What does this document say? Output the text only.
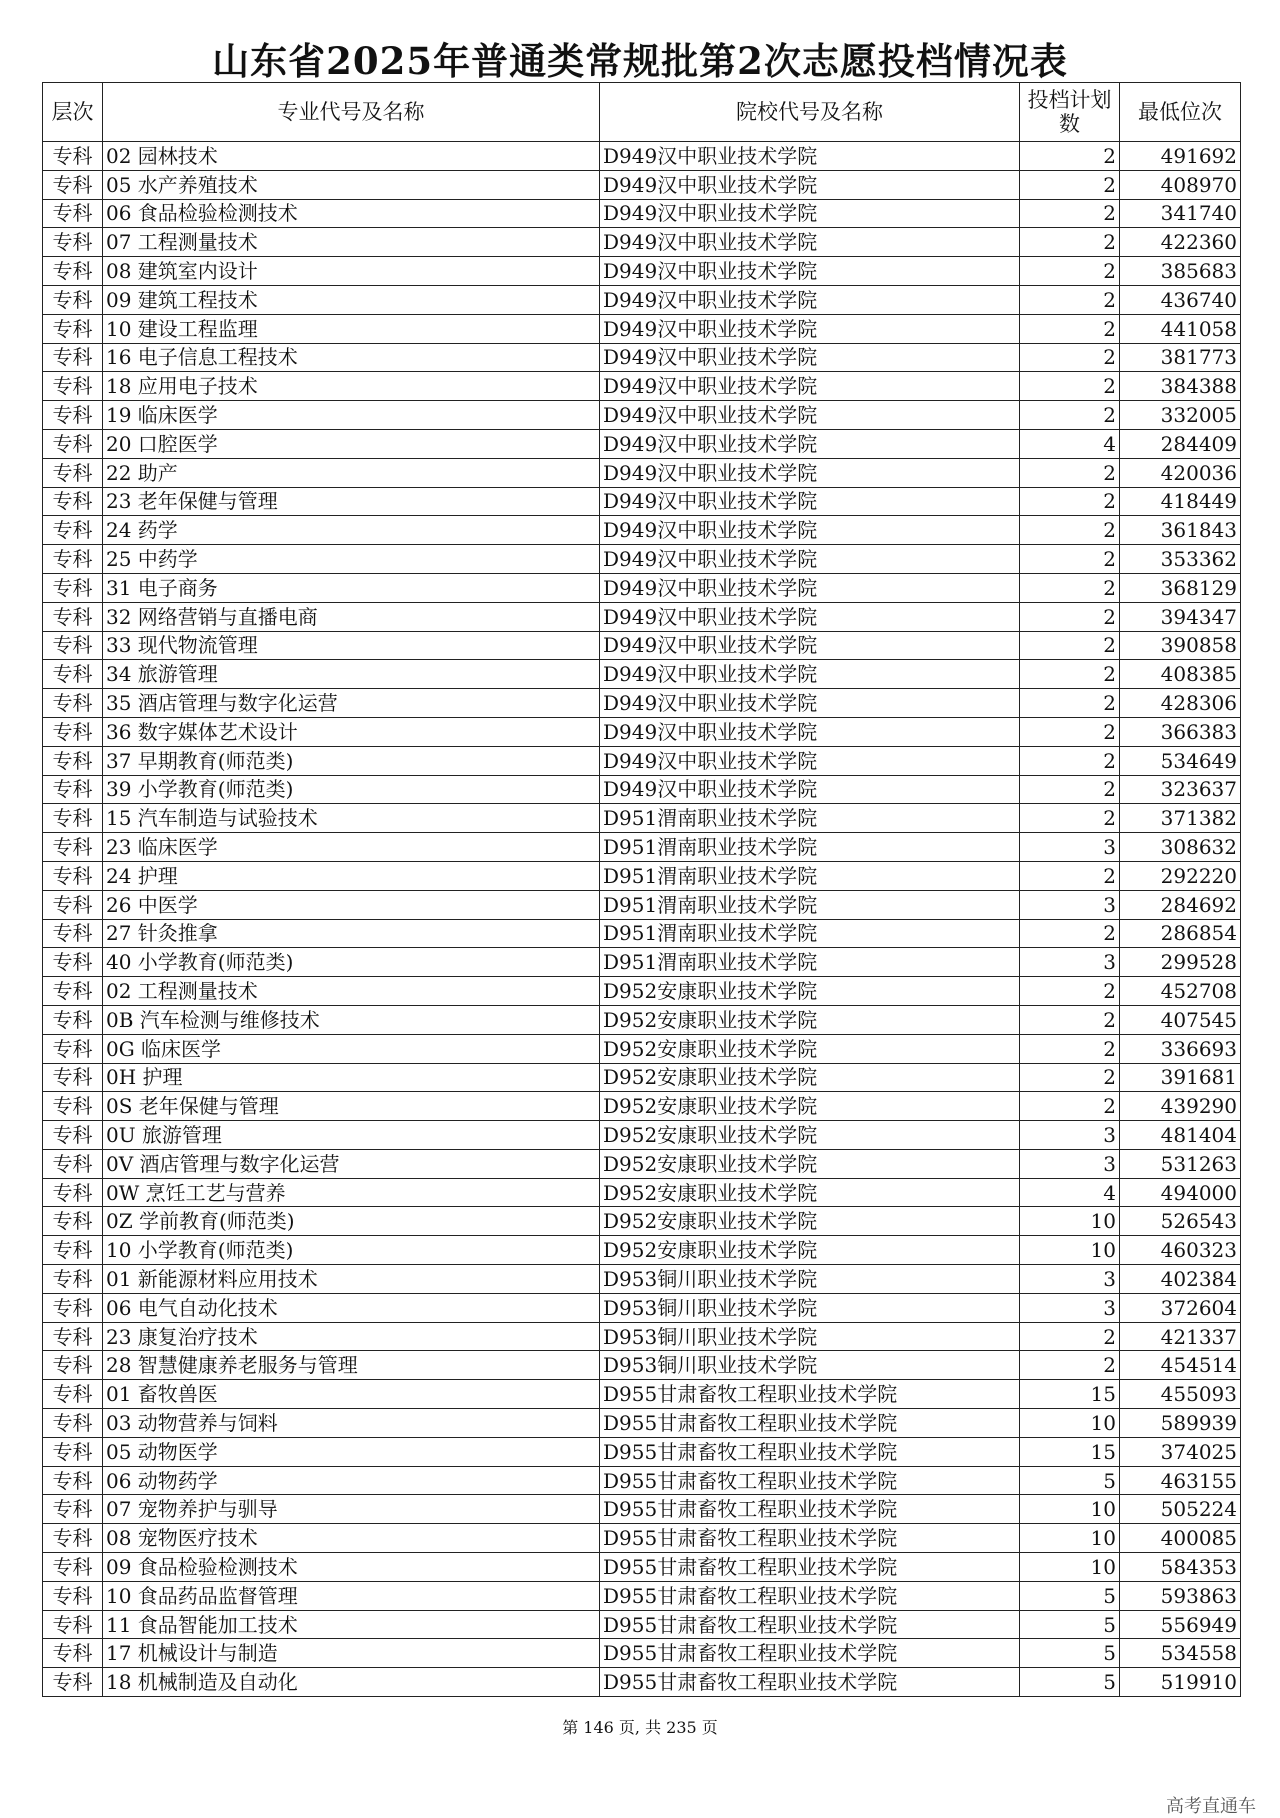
山东省2025年普通类常规批第2次志愿投档情况表
层次	专业代号及名称	院校代号及名称	投档计划数	最低位次
专科	02 园林技术	D949汉中职业技术学院	2	491692
专科	05 水产养殖技术	D949汉中职业技术学院	2	408970
专科	06 食品检验检测技术	D949汉中职业技术学院	2	341740
专科	07 工程测量技术	D949汉中职业技术学院	2	422360
专科	08 建筑室内设计	D949汉中职业技术学院	2	385683
专科	09 建筑工程技术	D949汉中职业技术学院	2	436740
专科	10 建设工程监理	D949汉中职业技术学院	2	441058
专科	16 电子信息工程技术	D949汉中职业技术学院	2	381773
专科	18 应用电子技术	D949汉中职业技术学院	2	384388
专科	19 临床医学	D949汉中职业技术学院	2	332005
专科	20 口腔医学	D949汉中职业技术学院	4	284409
专科	22 助产	D949汉中职业技术学院	2	420036
专科	23 老年保健与管理	D949汉中职业技术学院	2	418449
专科	24 药学	D949汉中职业技术学院	2	361843
专科	25 中药学	D949汉中职业技术学院	2	353362
专科	31 电子商务	D949汉中职业技术学院	2	368129
专科	32 网络营销与直播电商	D949汉中职业技术学院	2	394347
专科	33 现代物流管理	D949汉中职业技术学院	2	390858
专科	34 旅游管理	D949汉中职业技术学院	2	408385
专科	35 酒店管理与数字化运营	D949汉中职业技术学院	2	428306
专科	36 数字媒体艺术设计	D949汉中职业技术学院	2	366383
专科	37 早期教育(师范类)	D949汉中职业技术学院	2	534649
专科	39 小学教育(师范类)	D949汉中职业技术学院	2	323637
专科	15 汽车制造与试验技术	D951渭南职业技术学院	2	371382
专科	23 临床医学	D951渭南职业技术学院	3	308632
专科	24 护理	D951渭南职业技术学院	2	292220
专科	26 中医学	D951渭南职业技术学院	3	284692
专科	27 针灸推拿	D951渭南职业技术学院	2	286854
专科	40 小学教育(师范类)	D951渭南职业技术学院	3	299528
专科	02 工程测量技术	D952安康职业技术学院	2	452708
专科	0B 汽车检测与维修技术	D952安康职业技术学院	2	407545
专科	0G 临床医学	D952安康职业技术学院	2	336693
专科	0H 护理	D952安康职业技术学院	2	391681
专科	0S 老年保健与管理	D952安康职业技术学院	2	439290
专科	0U 旅游管理	D952安康职业技术学院	3	481404
专科	0V 酒店管理与数字化运营	D952安康职业技术学院	3	531263
专科	0W 烹饪工艺与营养	D952安康职业技术学院	4	494000
专科	0Z 学前教育(师范类)	D952安康职业技术学院	10	526543
专科	10 小学教育(师范类)	D952安康职业技术学院	10	460323
专科	01 新能源材料应用技术	D953铜川职业技术学院	3	402384
专科	06 电气自动化技术	D953铜川职业技术学院	3	372604
专科	23 康复治疗技术	D953铜川职业技术学院	2	421337
专科	28 智慧健康养老服务与管理	D953铜川职业技术学院	2	454514
专科	01 畜牧兽医	D955甘肃畜牧工程职业技术学院	15	455093
专科	03 动物营养与饲料	D955甘肃畜牧工程职业技术学院	10	589939
专科	05 动物医学	D955甘肃畜牧工程职业技术学院	15	374025
专科	06 动物药学	D955甘肃畜牧工程职业技术学院	5	463155
专科	07 宠物养护与驯导	D955甘肃畜牧工程职业技术学院	10	505224
专科	08 宠物医疗技术	D955甘肃畜牧工程职业技术学院	10	400085
专科	09 食品检验检测技术	D955甘肃畜牧工程职业技术学院	10	584353
专科	10 食品药品监督管理	D955甘肃畜牧工程职业技术学院	5	593863
专科	11 食品智能加工技术	D955甘肃畜牧工程职业技术学院	5	556949
专科	17 机械设计与制造	D955甘肃畜牧工程职业技术学院	5	534558
专科	18 机械制造及自动化	D955甘肃畜牧工程职业技术学院	5	519910
第 146 页, 共 235 页
高考直通车
